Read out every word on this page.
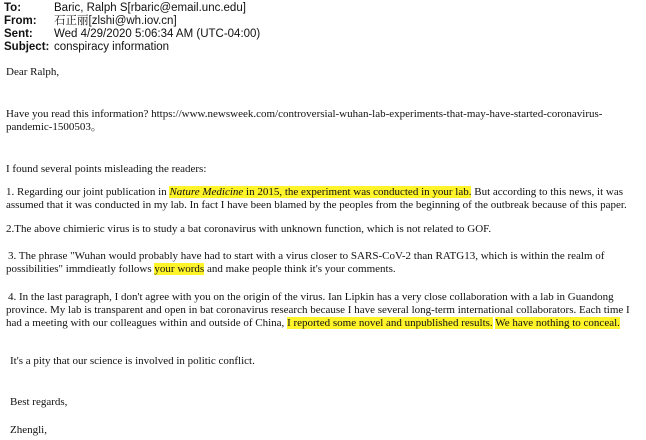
To:	Baric, Ralph S[rbaric@email.unc.edu]
From: 石正丽[zlshi@wh.iov.cn]
Sent: Wed 4/29/2020 5:06:34 AM (UTC-04:00)
Subject: conspiracy information
Dear Ralph,
Have you read this information? https://www.newsweek.com/controversial-wuhan-lab-experiments-that-may-have-started-coronavirus-
pandemic-1500503。
I found several points misleading the readers:
1. Regarding our joint publication in Nature Medicine in 2015, the experiment was conducted in your lab. But according to this news, it was
assumed that it was conducted in my lab. In fact I have been blamed by the peoples from the beginning of the outbreak because of this paper.
2.The above chimieric virus is to study a bat coronavirus with unknown function, which is not related to GOF.
3. The phrase "Wuhan would probably have had to start with a virus closer to SARS-CoV-2 than RATG13, which is within the realm of
possibilities" immdieatly follows your words and make people think it's your comments.
4. In the last paragraph, I don't agree with you on the origin of the virus. Ian Lipkin has a very close collaboration with a lab in Guandong
province. My lab is transparent and open in bat coronavirus research because I have several long-term international collaborators. Each time I
had a meeting with our colleagues within and outside of China, I reported some novel and unpublished results. We have nothing to conceal.
It's a pity that our science is involved in politic conflict.
Best regards,
Zhengli,
